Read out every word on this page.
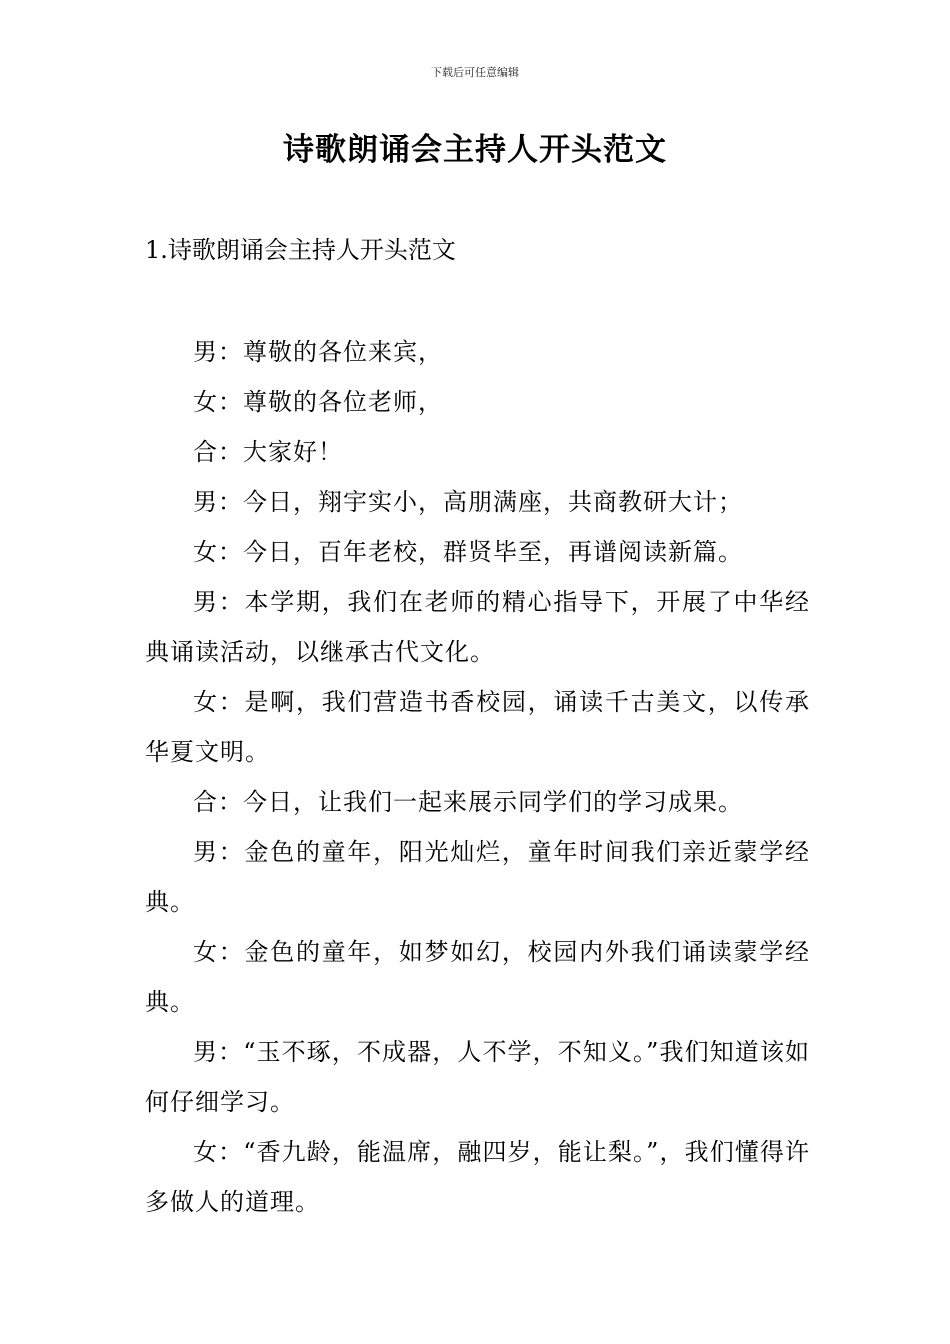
下载后可任意编辑
诗歌朗诵会主持人开头范文
1.诗歌朗诵会主持人开头范文

男：尊敬的各位来宾，

女：尊敬的各位老师，

合：大家好！

男：今日，翔宇实小，高朋满座，共商教研大计；

女：今日，百年老校，群贤毕至，再谱阅读新篇。

男：本学期，我们在老师的精心指导下，开展了中华经典诵读活动，以继承古代文化。

女：是啊，我们营造书香校园，诵读千古美文，以传承华夏文明。

合：今日，让我们一起来展示同学们的学习成果。

男：金色的童年，阳光灿烂，童年时间我们亲近蒙学经典。

女：金色的童年，如梦如幻，校园内外我们诵读蒙学经典。

男：“玉不琢，不成器，人不学，不知义。”我们知道该如何仔细学习。

女：“香九龄，能温席，融四岁，能让梨。”，我们懂得许多做人的道理。
